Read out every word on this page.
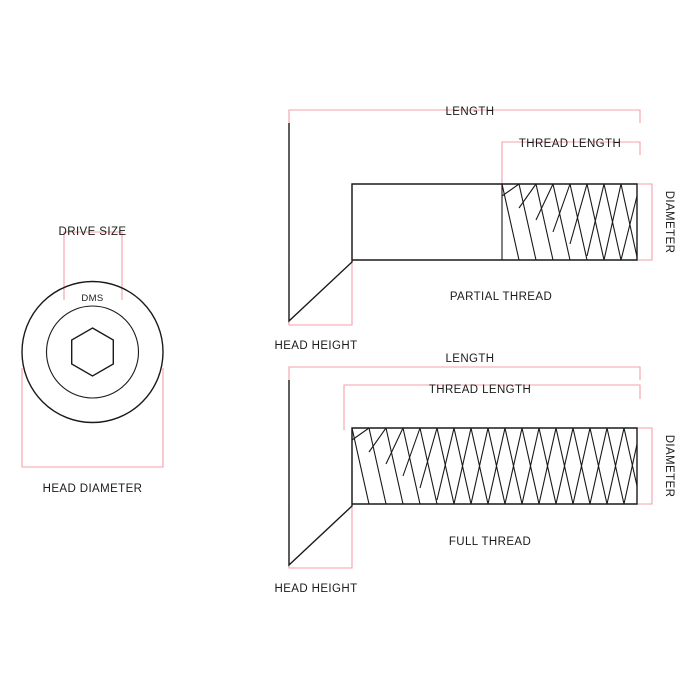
DRIVE SIZE
DMS
HEAD DIAMETER
LENGTH
THREAD LENGTH
DIAMETER
HEAD HEIGHT
PARTIAL THREAD
LENGTH
THREAD LENGTH
DIAMETER
HEAD HEIGHT
FULL THREAD
